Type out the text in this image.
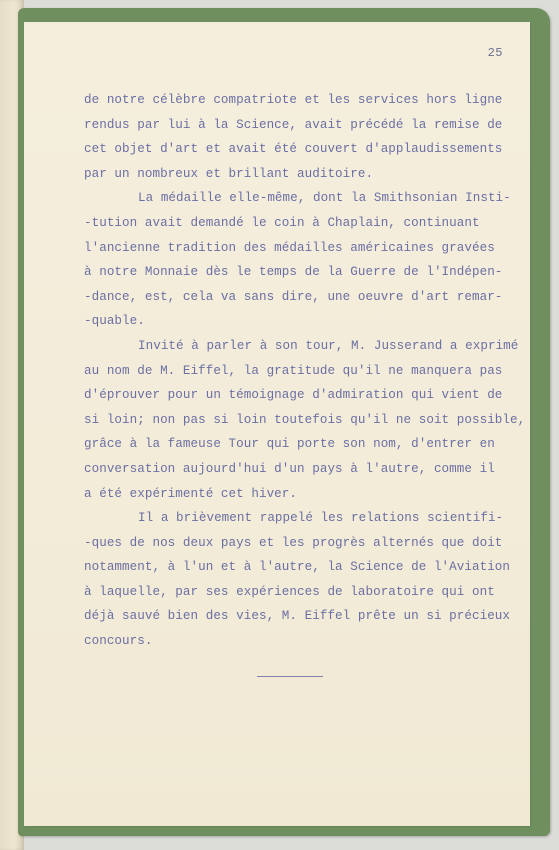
25
de notre célèbre compatriote et les services hors ligne
rendus par lui à la Science, avait précédé la remise de
cet objet d'art et avait été couvert d'applaudissements
par un nombreux et brillant auditoire.
La médaille elle-même, dont la Smithsonian Insti-
-tution avait demandé le coin à Chaplain, continuant
l'ancienne tradition des médailles américaines gravées
à notre Monnaie dès le temps de la Guerre de l'Indépen-
-dance, est, cela va sans dire, une oeuvre d'art remar-
-quable.
Invité à parler à son tour, M. Jusserand a exprimé
au nom de M. Eiffel, la gratitude qu'il ne manquera pas
d'éprouver pour un témoignage d'admiration qui vient de
si loin; non pas si loin toutefois qu'il ne soit possible,
grâce à la fameuse Tour qui porte son nom, d'entrer en
conversation aujourd'hui d'un pays à l'autre, comme il
a été expérimenté cet hiver.
Il a brièvement rappelé les relations scientifi-
-ques de nos deux pays et les progrès alternés que doit
notamment, à l'un et à l'autre, la Science de l'Aviation
à laquelle, par ses expériences de laboratoire qui ont
déjà sauvé bien des vies, M. Eiffel prête un si précieux
concours.
